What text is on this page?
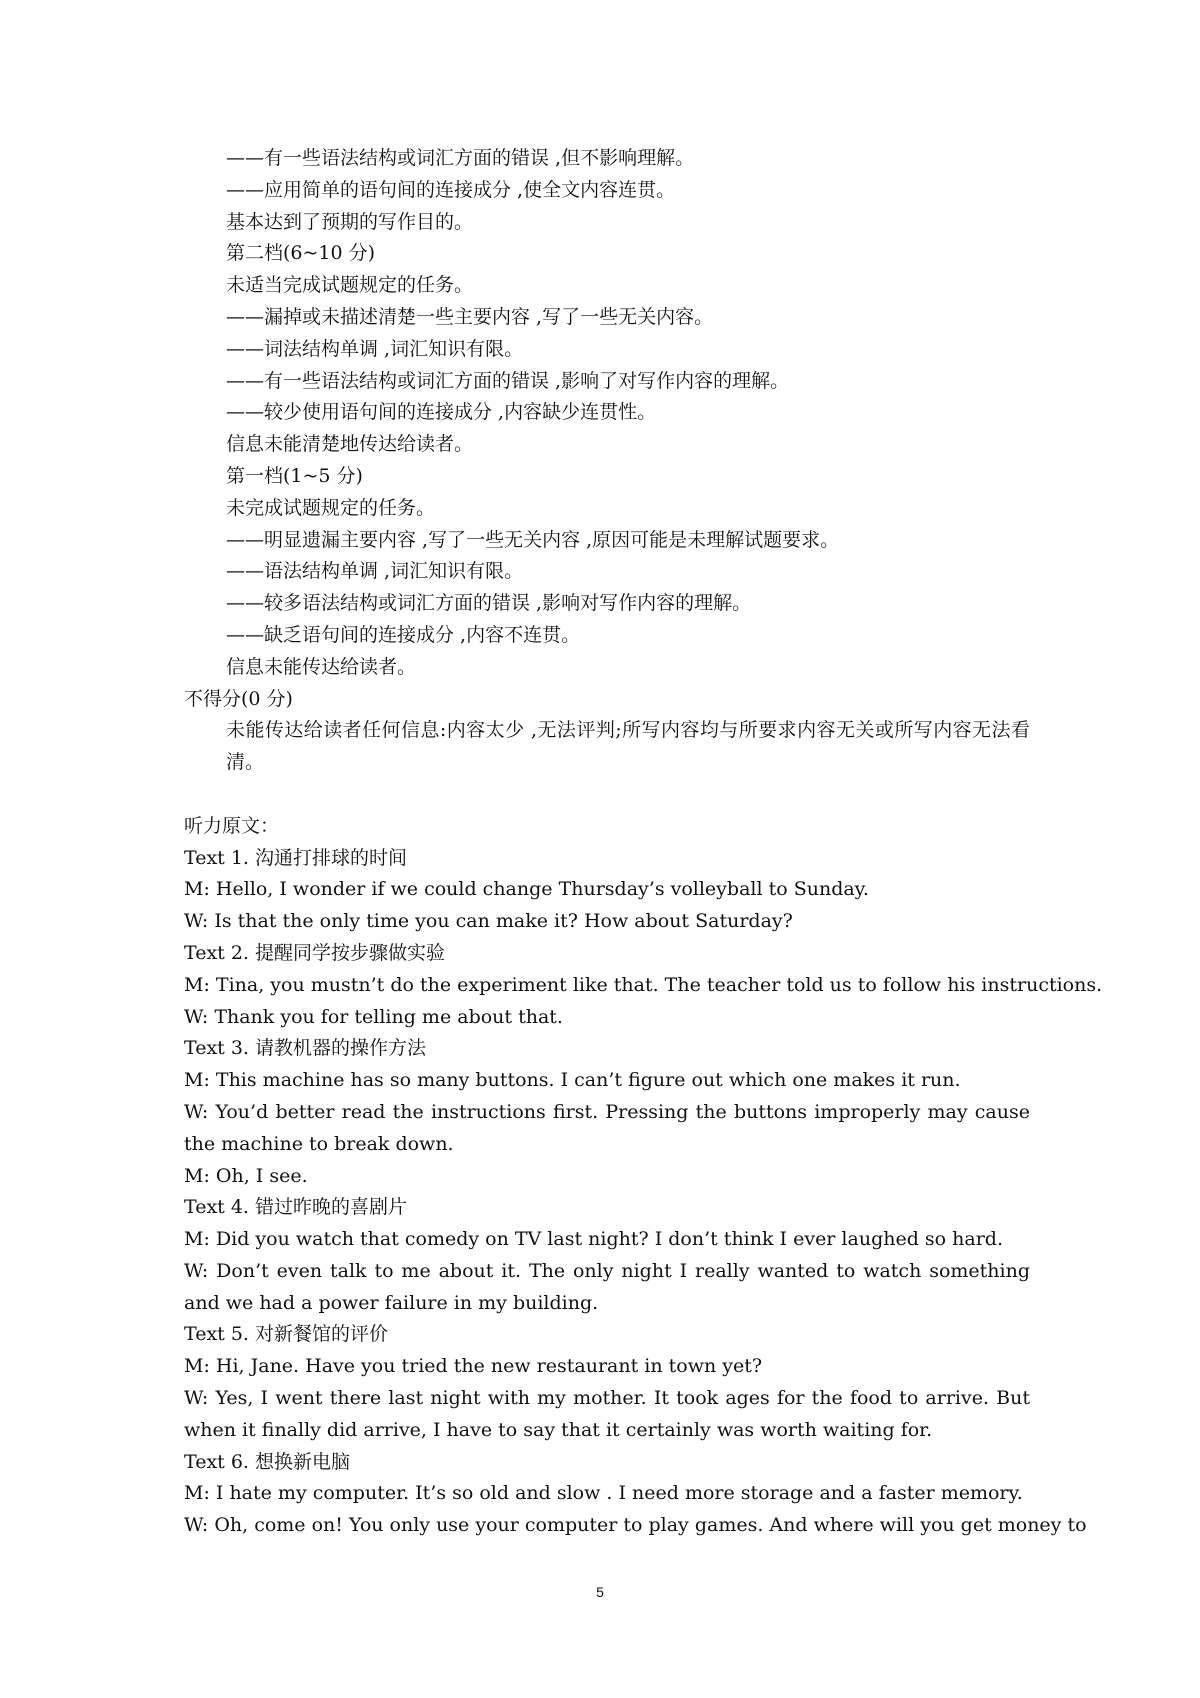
——有一些语法结构或词汇方面的错误 ,但不影响理解。
——应用简单的语句间的连接成分 ,使全文内容连贯。
基本达到了预期的写作目的。
第二档(6~10 分)
未适当完成试题规定的任务。
——漏掉或未描述清楚一些主要内容 ,写了一些无关内容。
——词法结构单调 ,词汇知识有限。
——有一些语法结构或词汇方面的错误 ,影响了对写作内容的理解。
——较少使用语句间的连接成分 ,内容缺少连贯性。
信息未能清楚地传达给读者。
第一档(1~5 分)
未完成试题规定的任务。
——明显遗漏主要内容 ,写了一些无关内容 ,原因可能是未理解试题要求。
——语法结构单调 ,词汇知识有限。
——较多语法结构或词汇方面的错误 ,影响对写作内容的理解。
——缺乏语句间的连接成分 ,内容不连贯。
信息未能传达给读者。
不得分(0 分)
未能传达给读者任何信息:内容太少 ,无法评判;所写内容均与所要求内容无关或所写内容无法看清。
听力原文：
Text 1. 沟通打排球的时间
M: Hello, I wonder if we could change Thursday’s volleyball to Sunday.
W: Is that the only time you can make it? How about Saturday?
Text 2. 提醒同学按步骤做实验
M: Tina, you mustn’t do the experiment like that. The teacher told us to follow his instructions.
W: Thank you for telling me about that.
Text 3. 请教机器的操作方法
M: This machine has so many buttons. I can’t figure out which one makes it run.
W: You’d better read the instructions first. Pressing the buttons improperly may cause the machine to break down.
M: Oh, I see.
Text 4. 错过昨晚的喜剧片
M: Did you watch that comedy on TV last night? I don’t think I ever laughed so hard.
W: Don’t even talk to me about it. The only night I really wanted to watch something and we had a power failure in my building.
Text 5. 对新餐馆的评价
M: Hi, Jane. Have you tried the new restaurant in town yet?
W: Yes, I went there last night with my mother. It took ages for the food to arrive. But when it finally did arrive, I have to say that it certainly was worth waiting for.
Text 6. 想换新电脑
M: I hate my computer. It’s so old and slow . I need more storage and a faster memory.
W: Oh, come on! You only use your computer to play games. And where will you get money to
5
